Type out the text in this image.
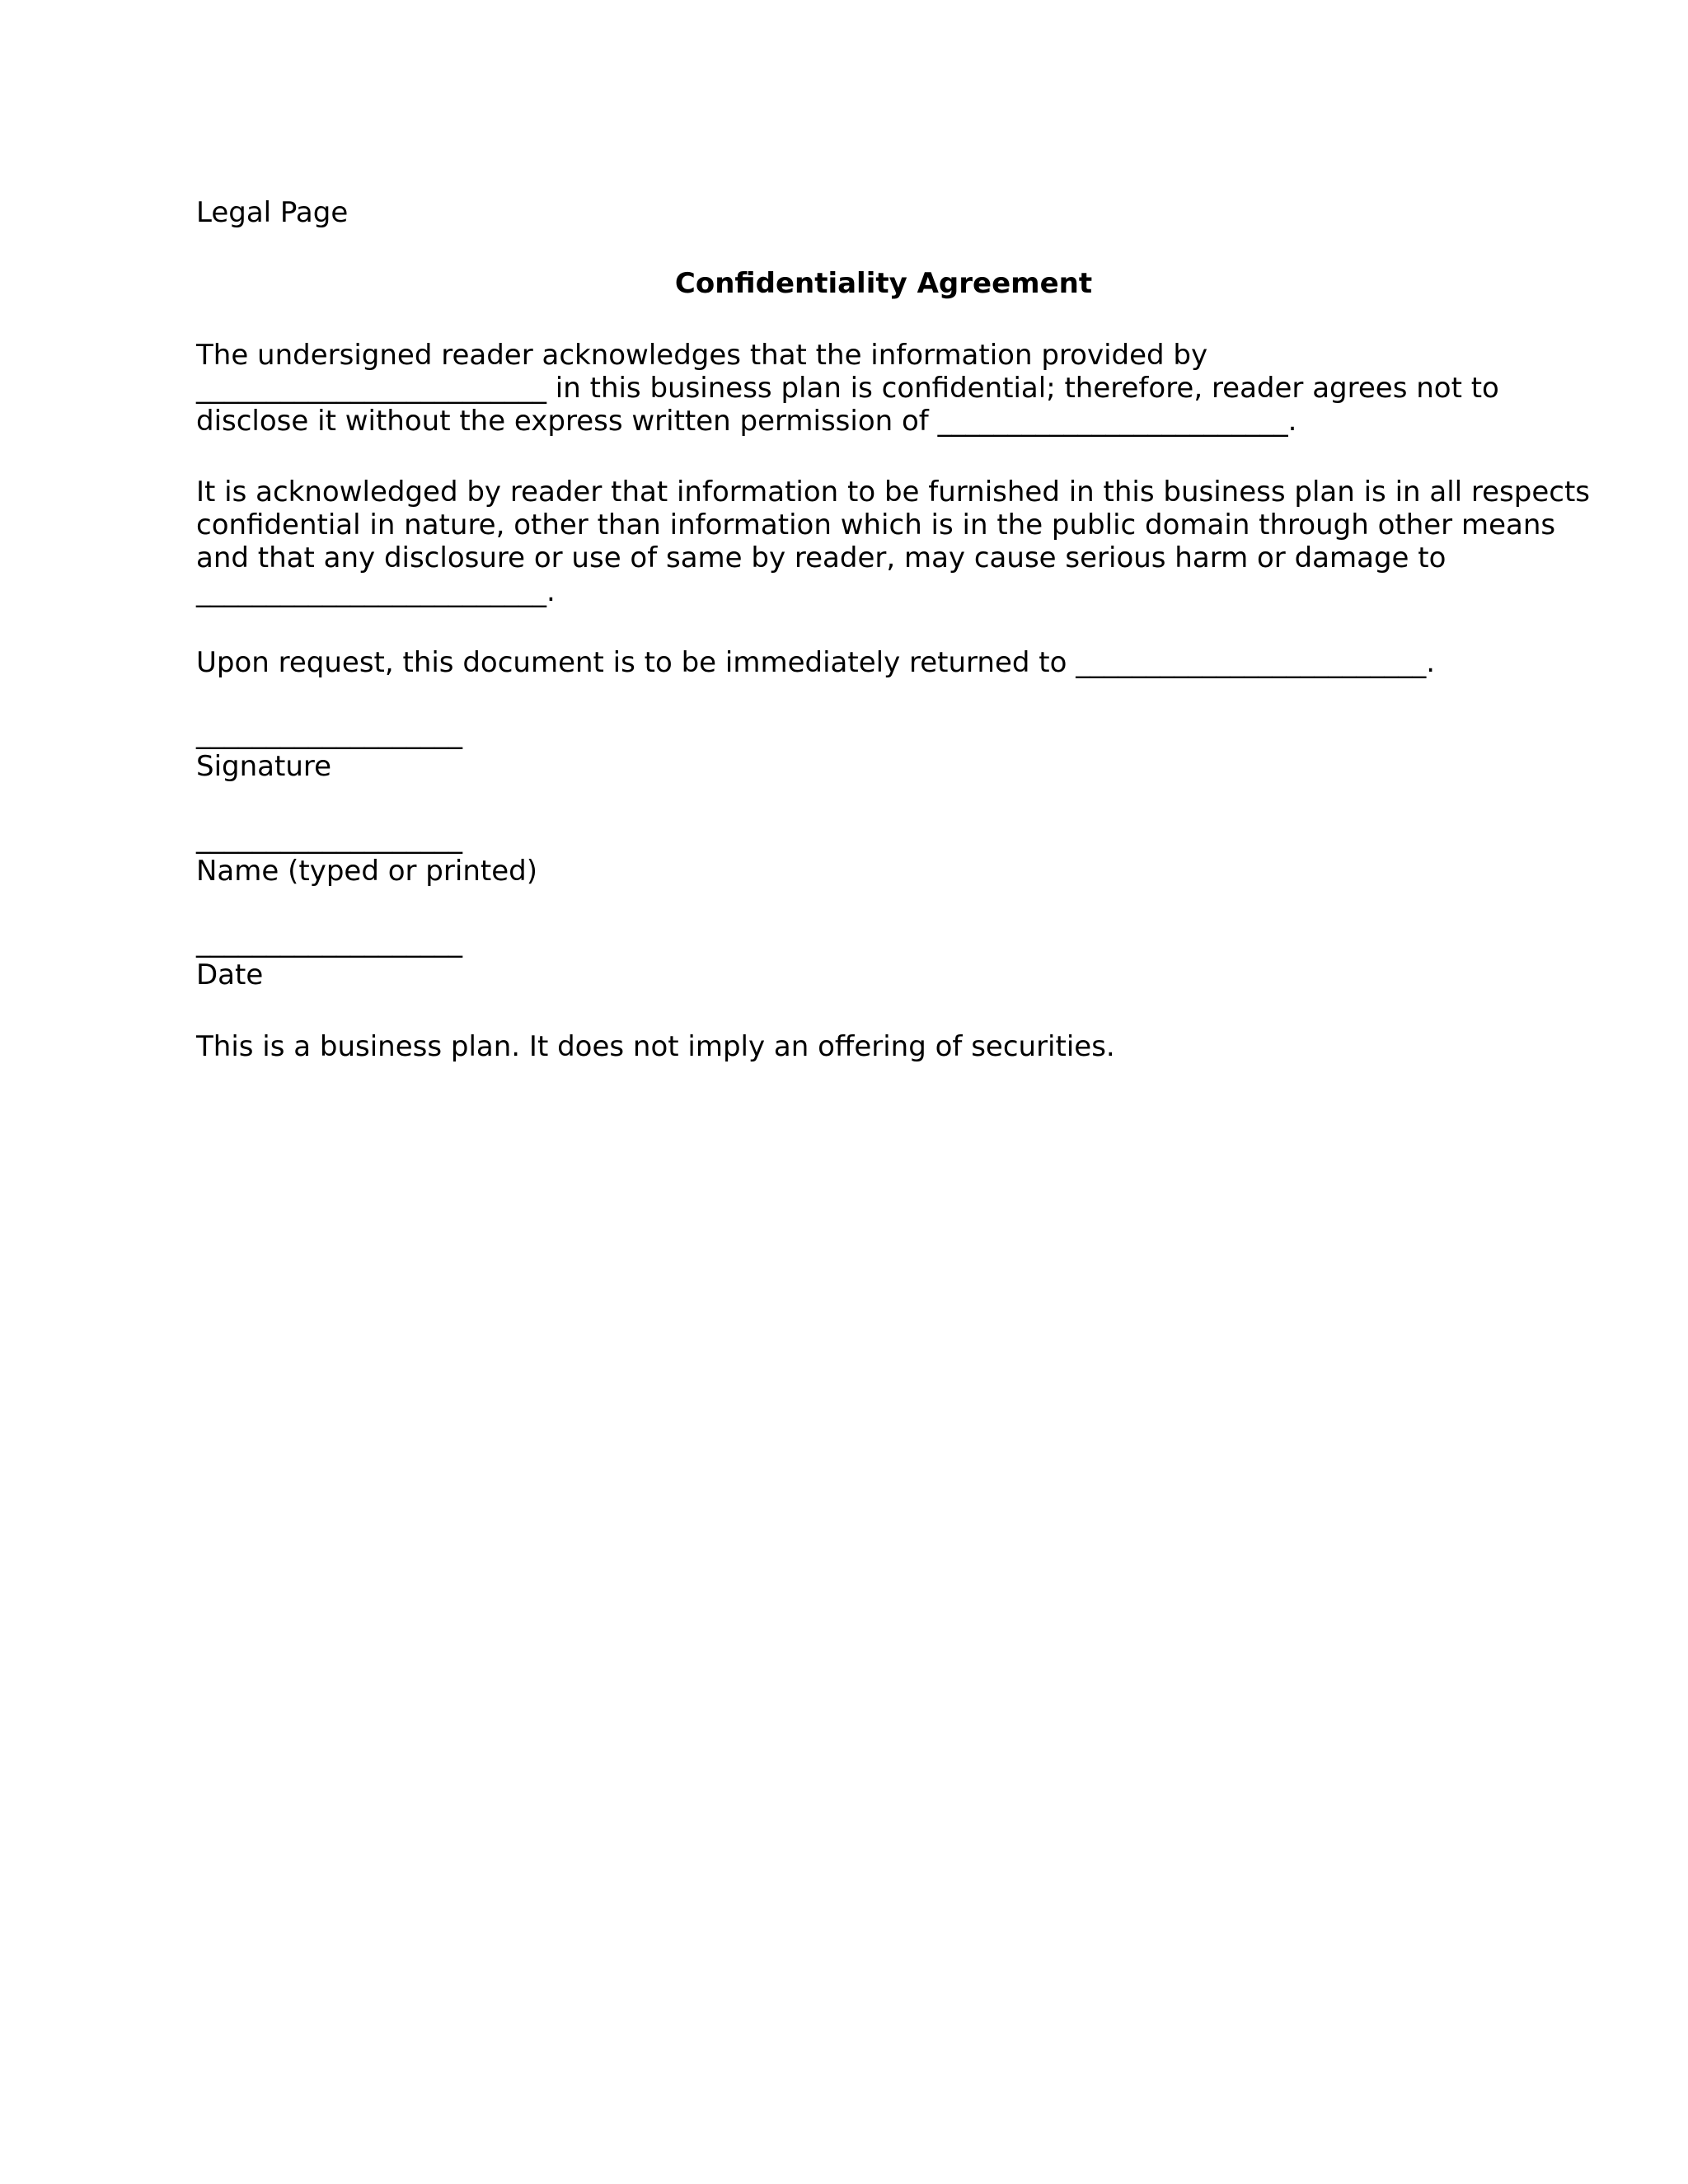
Legal Page
Confidentiality Agreement
The undersigned reader acknowledges that the information provided by
_________________________ in this business plan is confidential; therefore, reader agrees not to
disclose it without the express written permission of _________________________.
It is acknowledged by reader that information to be furnished in this business plan is in all respects
confidential in nature, other than information which is in the public domain through other means
and that any disclosure or use of same by reader, may cause serious harm or damage to
_________________________.
Upon request, this document is to be immediately returned to _________________________.
___________________
Signature
___________________
Name (typed or printed)
___________________
Date
This is a business plan. It does not imply an offering of securities.
